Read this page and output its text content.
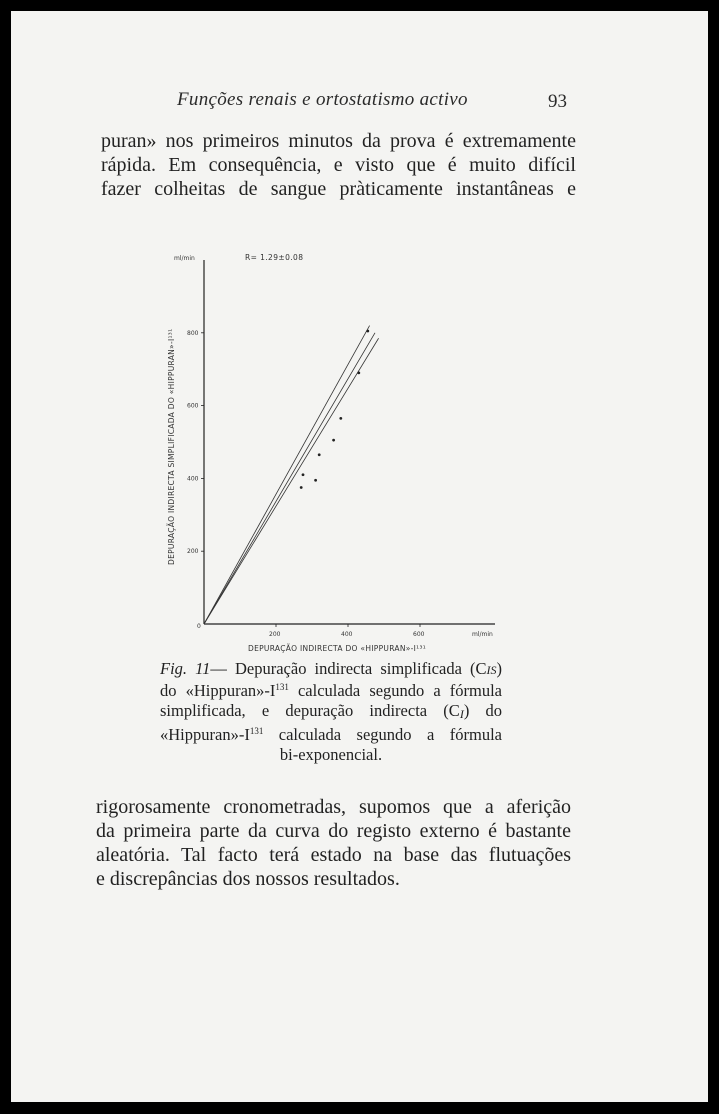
Funções renais e ortostatismo activo	93
puran» nos primeiros minutos da prova é extremamente
rápida. Em consequência, e visto que é muito difícil
fazer colheitas de sangue pràticamente instantâneas e
200	400	600
200
400
600
800
ml/min	R= 1.29±0.08
0
ml/min
DEPURAÇÃO INDIRECTA DO «HIPPURAN»-I¹³¹
DEPURAÇÃO INDIRECTA SIMPLIFICADA DO «HIPPURAN»-I¹³¹
Fig. 11— Depuração indirecta simplificada (CIS)
do «$Hippuran»-I^{131}$ calculada segundo a fórmula
simplificada, e depuração indirecta $(C_I)$ do
«$Hippuran»-I^{131}$ calculada segundo a fórmula
bi-exponencial.
rigorosamente cronometradas, supomos que a aferição
da primeira parte da curva do registo externo é bastante
aleatória. Tal facto terá estado na base das flutuações
e discrepâncias dos nossos resultados.
